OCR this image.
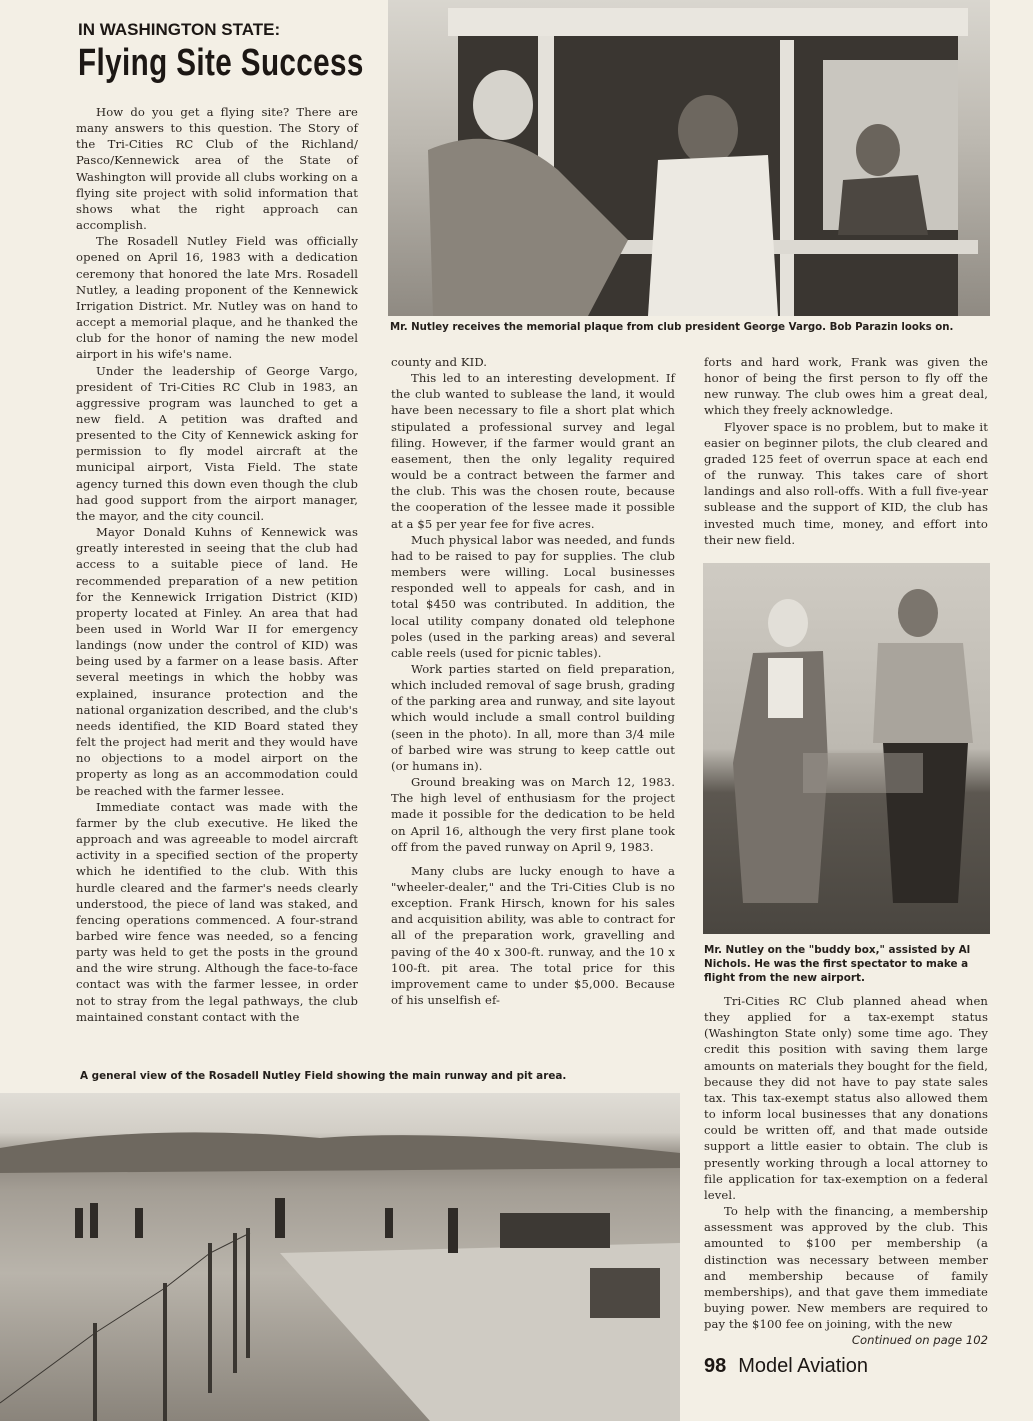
IN WASHINGTON STATE:
Flying Site Success
Mr. Nutley receives the memorial plaque from club president George Vargo. Bob Parazin looks on.

How do you get a flying site? There are many answers to this question. The Story of the Tri-Cities RC Club of the Richland/ Pasco/Kennewick area of the State of Washington will provide all clubs working on a flying site project with solid information that shows what the right approach can accomplish.

The Rosadell Nutley Field was officially opened on April 16, 1983 with a dedication ceremony that honored the late Mrs. Rosadell Nutley, a leading proponent of the Kennewick Irrigation District. Mr. Nutley was on hand to accept a memorial plaque, and he thanked the club for the honor of naming the new model airport in his wife's name.

Under the leadership of George Vargo, president of Tri-Cities RC Club in 1983, an aggressive program was launched to get a new field. A petition was drafted and presented to the City of Kennewick asking for permission to fly model aircraft at the municipal airport, Vista Field. The state agency turned this down even though the club had good support from the airport manager, the mayor, and the city council.

Mayor Donald Kuhns of Kennewick was greatly interested in seeing that the club had access to a suitable piece of land. He recommended preparation of a new petition for the Kennewick Irrigation District (KID) property located at Finley. An area that had been used in World War II for emergency landings (now under the control of KID) was being used by a farmer on a lease basis. After several meetings in which the hobby was explained, insurance protection and the national organization described, and the club's needs identified, the KID Board stated they felt the project had merit and they would have no objections to a model airport on the property as long as an accommodation could be reached with the farmer lessee.

Immediate contact was made with the farmer by the club executive. He liked the approach and was agreeable to model aircraft activity in a specified section of the property which he identified to the club. With this hurdle cleared and the farmer's needs clearly understood, the piece of land was staked, and fencing operations commenced. A four-strand barbed wire fence was needed, so a fencing party was held to get the posts in the ground and the wire strung. Although the face-to-face contact was with the farmer lessee, in order not to stray from the legal pathways, the club maintained constant contact with the

county and KID.

This led to an interesting development. If the club wanted to sublease the land, it would have been necessary to file a short plat which stipulated a professional survey and legal filing. However, if the farmer would grant an easement, then the only legality required would be a contract between the farmer and the club. This was the chosen route, because the cooperation of the lessee made it possible at a $5 per year fee for five acres.

Much physical labor was needed, and funds had to be raised to pay for supplies. The club members were willing. Local businesses responded well to appeals for cash, and in total $450 was contributed. In addition, the local utility company donated old telephone poles (used in the parking areas) and several cable reels (used for picnic tables).

Work parties started on field preparation, which included removal of sage brush, grading of the parking area and runway, and site layout which would include a small control building (seen in the photo). In all, more than 3/4 mile of barbed wire was strung to keep cattle out (or humans in).

Ground breaking was on March 12, 1983. The high level of enthusiasm for the project made it possible for the dedication to be held on April 16, although the very first plane took off from the paved runway on April 9, 1983.

Many clubs are lucky enough to have a "wheeler-dealer," and the Tri-Cities Club is no exception. Frank Hirsch, known for his sales and acquisition ability, was able to contract for all of the preparation work, gravelling and paving of the 40 x 300-ft. runway, and the 10 x 100-ft. pit area. The total price for this improvement came to under $5,000. Because of his unselfish ef-

forts and hard work, Frank was given the honor of being the first person to fly off the new runway. The club owes him a great deal, which they freely acknowledge.

Flyover space is no problem, but to make it easier on beginner pilots, the club cleared and graded 125 feet of overrun space at each end of the runway. This takes care of short landings and also roll-offs. With a full five-year sublease and the support of KID, the club has invested much time, money, and effort into their new field.

Mr. Nutley on the "buddy box," assisted by Al Nichols. He was the first spectator to make a flight from the new airport.

Tri-Cities RC Club planned ahead when they applied for a tax-exempt status (Washington State only) some time ago. They credit this position with saving them large amounts on materials they bought for the field, because they did not have to pay state sales tax. This tax-exempt status also allowed them to inform local businesses that any donations could be written off, and that made outside support a little easier to obtain. The club is presently working through a local attorney to file application for tax-exemption on a federal level.

To help with the financing, a membership assessment was approved by the club. This amounted to $100 per membership (a distinction was necessary between member and membership because of family memberships), and that gave them immediate buying power. New members are required to pay the $100 fee on joining, with the new

Continued on page 102
A general view of the Rosadell Nutley Field showing the main runway and pit area.
98 Model Aviation
